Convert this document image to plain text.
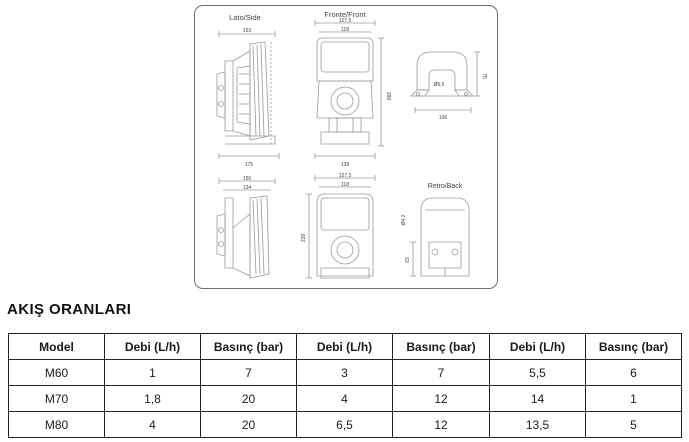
Lato/Side	Fronte/Front
Retro/Back
153
175
127,5
118
288
138
75
Ø5,5
106
156
134
127,5
118
228
Ø4,2
63
AKIŞ ORANLARI
Model	Debi (L/h)	Basınç (bar)	Debi (L/h)	Basınç (bar)	Debi (L/h)	Basınç (bar)
M60	1	7	3	7	5,5	6
M70	1,8	20	4	12	14	1
M80	4	20	6,5	12	13,5	5
